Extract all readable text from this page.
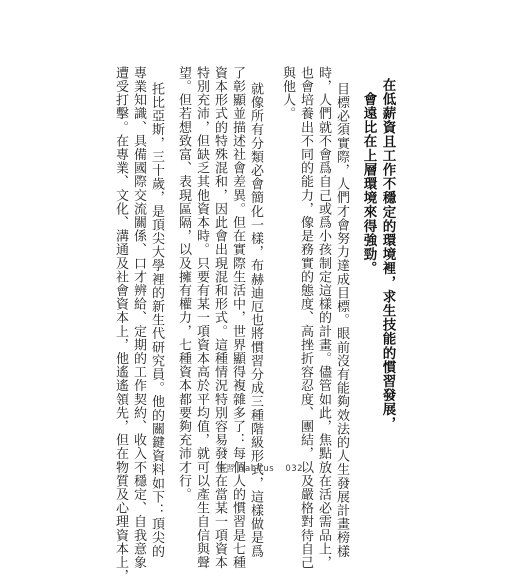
在低薪資且工作不穩定的環境裡，求生技能的慣習發展，
會遠比在上層環境來得強勁。
目標必須實際，人們才會努力達成目標。眼前沒有能夠效法的人生發展計畫榜樣
時，人們就不會爲自己或爲小孩制定這樣的計畫。儘管如此，焦點放在活必需品上，
也會培養出不同的能力，像是務實的態度、高挫折容忍度、團結，以及嚴格對待自己
與他人。
就像所有分類必會簡化一樣，布赫迪厄也將慣習分成三種階級形式，這樣做是爲
了彰顯並描述社會差異。但在實際生活中，世界顯得複雜多了：每個人的慣習是七種
資本形式的特殊混和，因此會出現混和形式。這種情況特別容易發生在當某一項資本
特別充沛，但缺乏其他資本時。只要有某一項資本高於平均值，就可以產生自信與聲
望。但若想致富、表現區隔，以及擁有權力，七種資本都要夠充沛才行。
托比亞斯，三十歲，是頂尖大學裡的新生代研究員。他的關鍵資料如下：頂尖的
專業知識、具備國際交流關係、口才辨給、定期的工作契約、收入不穩定、自我意象
遭受打擊。在專業、文化、溝通及社會資本上，他遙遙領先，但在物質及心理資本上，	慣習 Habitus 032
